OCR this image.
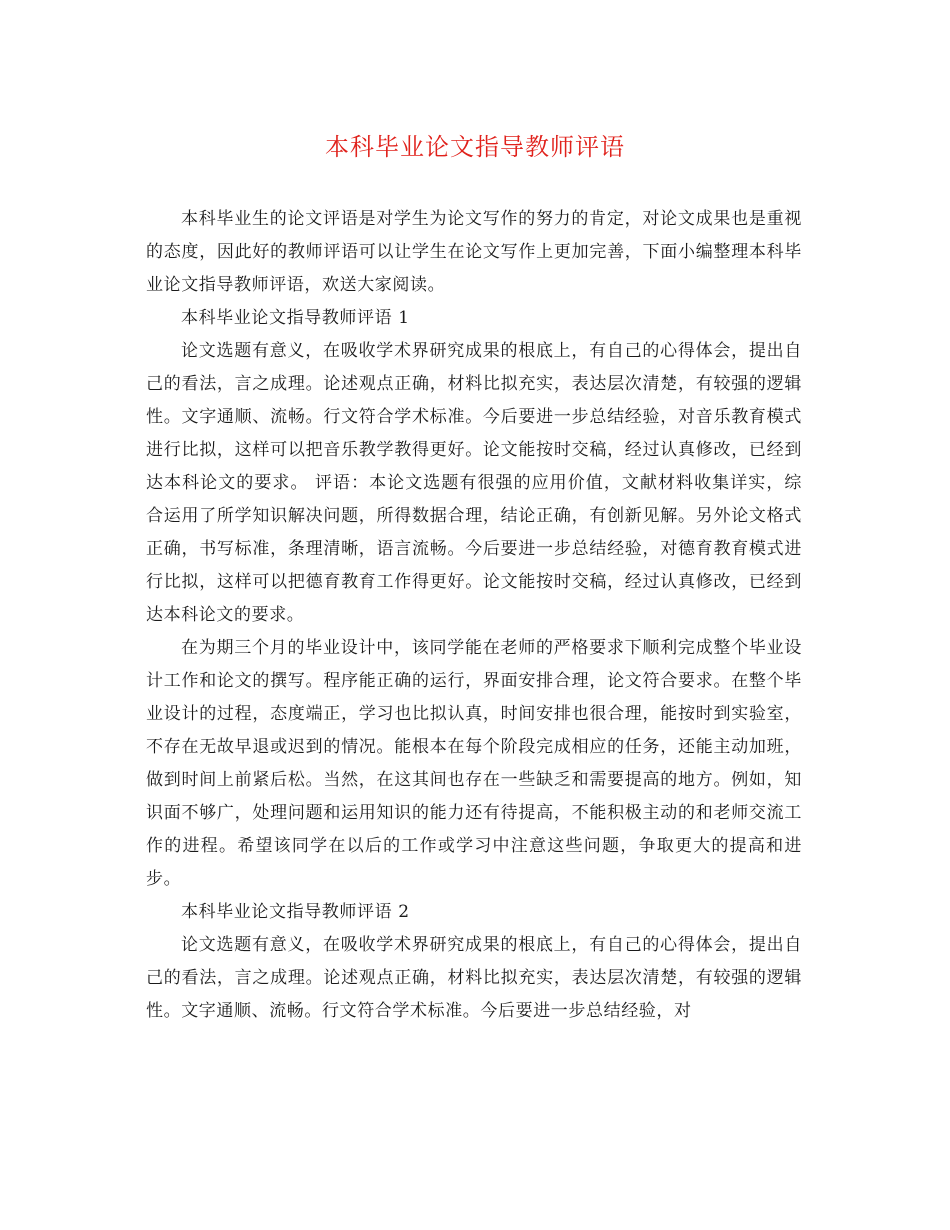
本科毕业论文指导教师评语

本科毕业生的论文评语是对学生为论文写作的努力的肯定，对论文成果也是重视的态度，因此好的教师评语可以让学生在论文写作上更加完善，下面小编整理本科毕业论文指导教师评语，欢送大家阅读。

本科毕业论文指导教师评语 1

论文选题有意义，在吸收学术界研究成果的根底上，有自己的心得体会，提出自己的看法，言之成理。论述观点正确，材料比拟充实，表达层次清楚，有较强的逻辑性。文字通顺、流畅。行文符合学术标准。今后要进一步总结经验，对音乐教育模式进行比拟，这样可以把音乐教学教得更好。论文能按时交稿，经过认真修改，已经到达本科论文的要求。 评语：本论文选题有很强的应用价值，文献材料收集详实，综合运用了所学知识解决问题，所得数据合理，结论正确，有创新见解。另外论文格式正确，书写标准，条理清晰，语言流畅。今后要进一步总结经验，对德育教育模式进行比拟，这样可以把德育教育工作得更好。论文能按时交稿，经过认真修改，已经到达本科论文的要求。

在为期三个月的毕业设计中，该同学能在老师的严格要求下顺利完成整个毕业设计工作和论文的撰写。程序能正确的运行，界面安排合理，论文符合要求。在整个毕业设计的过程，态度端正，学习也比拟认真，时间安排也很合理，能按时到实验室，不存在无故早退或迟到的情况。能根本在每个阶段完成相应的任务，还能主动加班，做到时间上前紧后松。当然，在这其间也存在一些缺乏和需要提高的地方。例如，知识面不够广，处理问题和运用知识的能力还有待提高，不能积极主动的和老师交流工作的进程。希望该同学在以后的工作或学习中注意这些问题，争取更大的提高和进步。

本科毕业论文指导教师评语 2

论文选题有意义，在吸收学术界研究成果的根底上，有自己的心得体会，提出自己的看法，言之成理。论述观点正确，材料比拟充实，表达层次清楚，有较强的逻辑性。文字通顺、流畅。行文符合学术标准。今后要进一步总结经验，对
